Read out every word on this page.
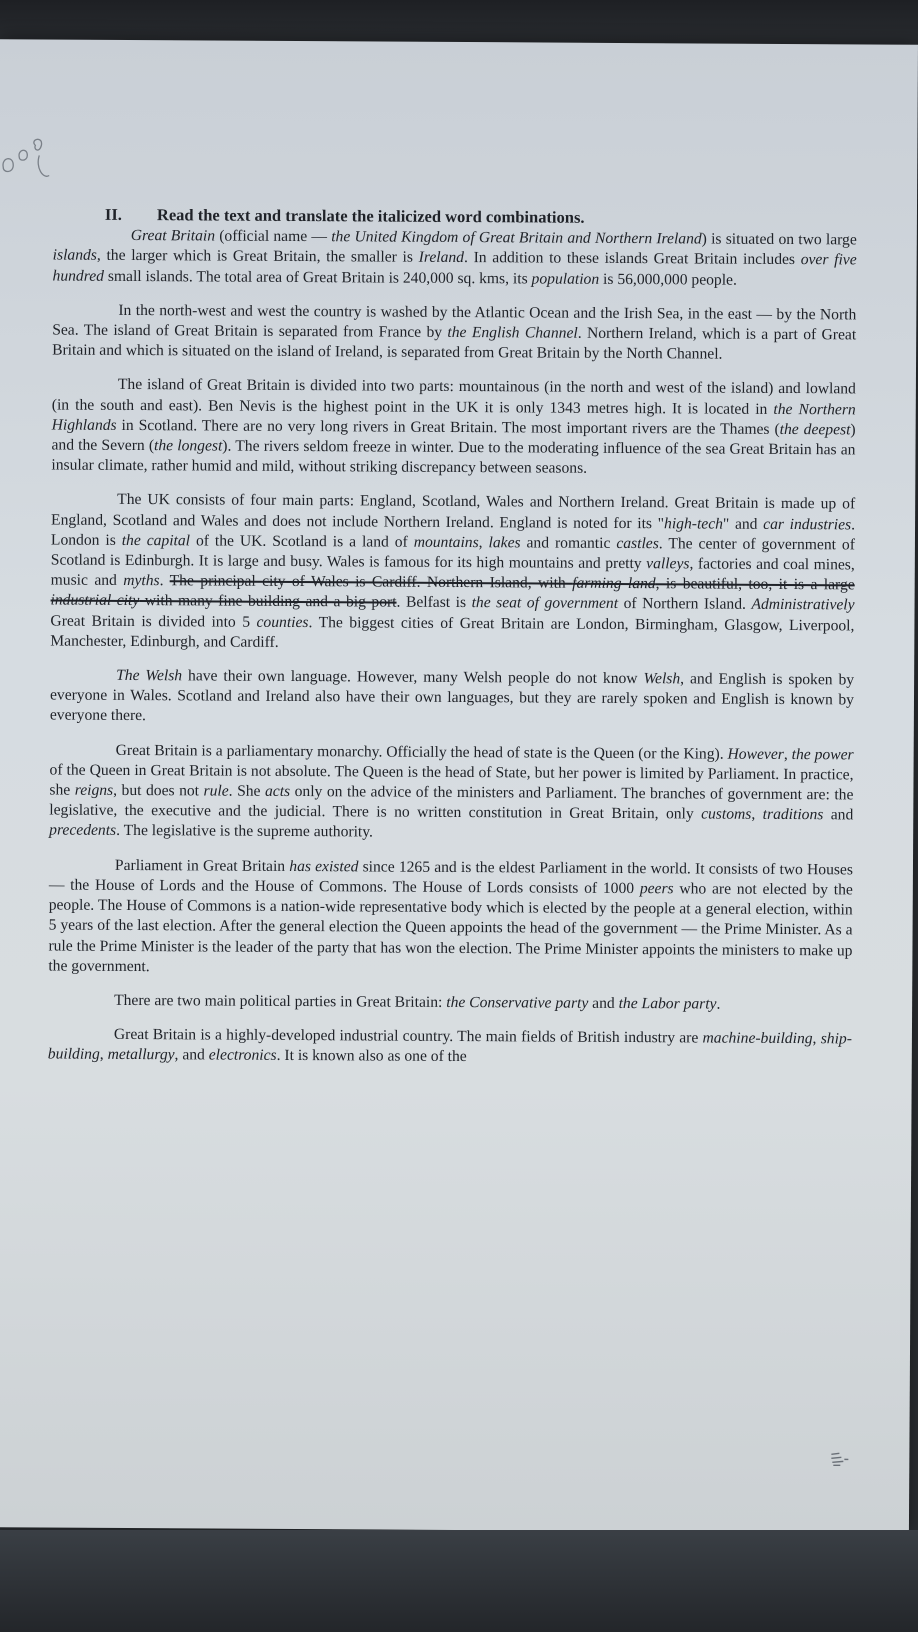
II. Read the text and translate the italicized word combinations.

Great Britain (official name — the United Kingdom of Great Britain and Northern Ireland) is situated on two large islands, the larger which is Great Britain, the smaller is Ireland. In addition to these islands Great Britain includes over five hundred small islands. The total area of Great Britain is 240,000 sq. kms, its population is 56,000,000 people.

In the north-west and west the country is washed by the Atlantic Ocean and the Irish Sea, in the east — by the North Sea. The island of Great Britain is separated from France by the English Channel. Northern Ireland, which is a part of Great Britain and which is situated on the island of Ireland, is separated from Great Britain by the North Channel.

The island of Great Britain is divided into two parts: mountainous (in the north and west of the island) and lowland (in the south and east). Ben Nevis is the highest point in the UK it is only 1343 metres high. It is located in the Northern Highlands in Scotland. There are no very long rivers in Great Britain. The most important rivers are the Thames (the deepest) and the Severn (the longest). The rivers seldom freeze in winter. Due to the moderating influence of the sea Great Britain has an insular climate, rather humid and mild, without striking discrepancy between seasons.

The UK consists of four main parts: England, Scotland, Wales and Northern Ireland. Great Britain is made up of England, Scotland and Wales and does not include Northern Ireland. England is noted for its "high-tech" and car industries. London is the capital of the UK. Scotland is a land of mountains, lakes and romantic castles. The center of government of Scotland is Edinburgh. It is large and busy. Wales is famous for its high mountains and pretty valleys, factories and coal mines, music and myths. The principal city of Wales is Cardiff. Northern Island, with farming land, is beautiful, too, it is a large industrial city with many fine building and a big port. Belfast is the seat of government of Northern Island. Administratively Great Britain is divided into 5 counties. The biggest cities of Great Britain are London, Birmingham, Glasgow, Liverpool, Manchester, Edinburgh, and Cardiff.

The Welsh have their own language. However, many Welsh people do not know Welsh, and English is spoken by everyone in Wales. Scotland and Ireland also have their own languages, but they are rarely spoken and English is known by everyone there.

Great Britain is a parliamentary monarchy. Officially the head of state is the Queen (or the King). However, the power of the Queen in Great Britain is not absolute. The Queen is the head of State, but her power is limited by Parliament. In practice, she reigns, but does not rule. She acts only on the advice of the ministers and Parliament. The branches of government are: the legislative, the executive and the judicial. There is no written constitution in Great Britain, only customs, traditions and precedents. The legislative is the supreme authority.

Parliament in Great Britain has existed since 1265 and is the eldest Parliament in the world. It consists of two Houses — the House of Lords and the House of Commons. The House of Lords consists of 1000 peers who are not elected by the people. The House of Commons is a nation-wide representative body which is elected by the people at a general election, within 5 years of the last election. After the general election the Queen appoints the head of the government — the Prime Minister. As a rule the Prime Minister is the leader of the party that has won the election. The Prime Minister appoints the ministers to make up the government.

There are two main political parties in Great Britain: the Conservative party and the Labor party.

Great Britain is a highly-developed industrial country. The main fields of British industry are machine-building, ship-building, metallurgy, and electronics. It is known also as one of the
